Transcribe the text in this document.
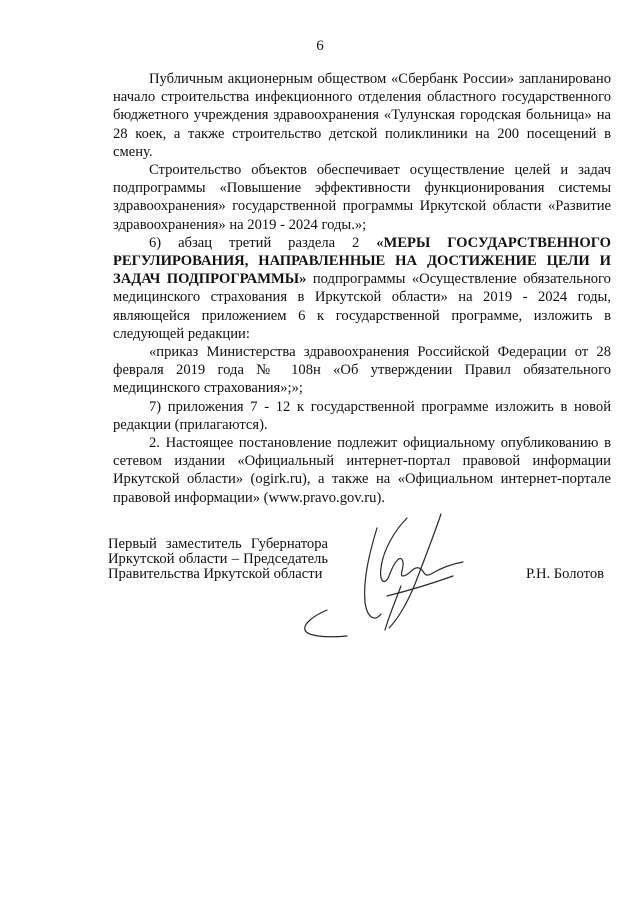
6

Публичным акционерным обществом «Сбербанк России» запланировано начало строительства инфекционного отделения областного государственного бюджетного учреждения здравоохранения «Тулунская городская больница» на 28 коек, а также строительство детской поликлиники на 200 посещений в смену.

Строительство объектов обеспечивает осуществление целей и задач подпрограммы «Повышение эффективности функционирования системы здравоохранения» государственной программы Иркутской области «Развитие здравоохранения» на 2019 - 2024 годы.»;

6) абзац третий раздела 2 «МЕРЫ ГОСУДАРСТВЕННОГО РЕГУЛИРОВАНИЯ, НАПРАВЛЕННЫЕ НА ДОСТИЖЕНИЕ ЦЕЛИ И ЗАДАЧ ПОДПРОГРАММЫ» подпрограммы «Осуществление обязательного медицинского страхования в Иркутской области» на 2019 - 2024 годы, являющейся приложением 6 к государственной программе, изложить в следующей редакции:

«приказ Министерства здравоохранения Российской Федерации от 28 февраля 2019 года № 108н «Об утверждении Правил обязательного медицинского страхования»;»;

7) приложения 7 - 12 к государственной программе изложить в новой редакции (прилагаются).

2. Настоящее постановление подлежит официальному опубликованию в сетевом издании «Официальный интернет-портал правовой информации Иркутской области» (ogirk.ru), а также на «Официальном интернет-портале правовой информации» (www.pravo.gov.ru).

Первый заместитель Губернатора
Иркутской области – Председатель
Правительства Иркутской области	Р.Н. Болотов
